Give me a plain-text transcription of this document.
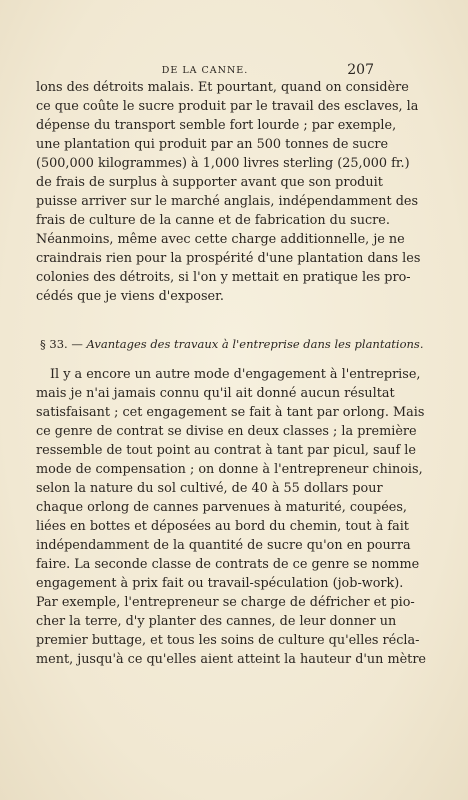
DE LA CANNE.	207
lons des détroits malais. Et pourtant, quand on considère
ce que coûte le sucre produit par le travail des esclaves, la
dépense du transport semble fort lourde ; par exemple,
une plantation qui produit par an 500 tonnes de sucre
(500,000 kilogrammes) à 1,000 livres sterling (25,000 fr.)
de frais de surplus à supporter avant que son produit
puisse arriver sur le marché anglais, indépendamment des
frais de culture de la canne et de fabrication du sucre.
Néanmoins, même avec cette charge additionnelle, je ne
craindrais rien pour la prospérité d'une plantation dans les
colonies des détroits, si l'on y mettait en pratique les pro-
cédés que je viens d'exposer.
§ 33. — Avantages des travaux à l'entreprise dans les plantations.
Il y a encore un autre mode d'engagement à l'entreprise,
mais je n'ai jamais connu qu'il ait donné aucun résultat
satisfaisant ; cet engagement se fait à tant par orlong. Mais
ce genre de contrat se divise en deux classes ; la première
ressemble de tout point au contrat à tant par picul, sauf le
mode de compensation ; on donne à l'entrepreneur chinois,
selon la nature du sol cultivé, de 40 à 55 dollars pour
chaque orlong de cannes parvenues à maturité, coupées,
liées en bottes et déposées au bord du chemin, tout à fait
indépendamment de la quantité de sucre qu'on en pourra
faire. La seconde classe de contrats de ce genre se nomme
engagement à prix fait ou travail-spéculation (job-work).
Par exemple, l'entrepreneur se charge de défricher et pio-
cher la terre, d'y planter des cannes, de leur donner un
premier buttage, et tous les soins de culture qu'elles récla-
ment, jusqu'à ce qu'elles aient atteint la hauteur d'un mètre
